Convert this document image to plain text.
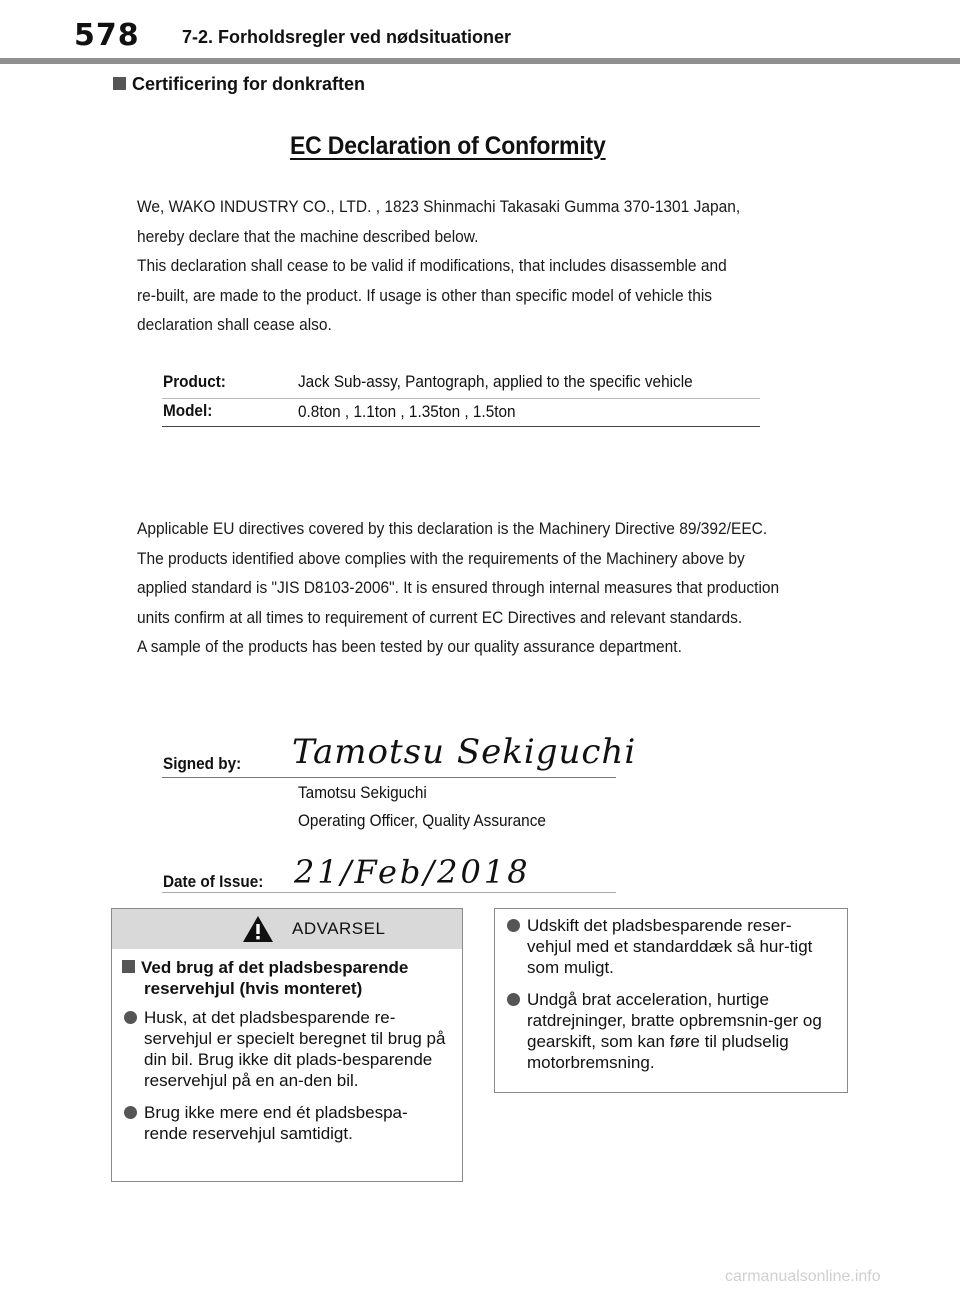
578 7-2. Forholdsregler ved nødsituationer
Certificering for donkraften
EC Declaration of Conformity

We, WAKO INDUSTRY CO., LTD. , 1823 Shinmachi Takasaki Gumma 370-1301 Japan,

hereby declare that the machine described below.

This declaration shall cease to be valid if modifications, that includes disassemble and

re-built, are made to the product. If usage is other than specific model of vehicle this

declaration shall cease also.

Product:	Jack Sub-assy, Pantograph, applied to the specific vehicle
Model:	0.8ton , 1.1ton , 1.35ton , 1.5ton

Applicable EU directives covered by this declaration is the Machinery Directive 89/392/EEC.

The products identified above complies with the requirements of the Machinery above by

applied standard is "JIS D8103-2006". It is ensured through internal measures that production

units confirm at all times to requirement of current EC Directives and relevant standards.

A sample of the products has been tested by our quality assurance department.

Signed by: Tamotsu Sekiguchi
Tamotsu Sekiguchi
Operating Officer, Quality Assurance
Date of Issue: 21/Feb/2018
ADVARSEL
Ved brug af det pladsbesparende reservehjul (hvis monteret)
Husk, at det pladsbesparende re-servehjul er specielt beregnet til brug på din bil. Brug ikke dit plads-besparende reservehjul på en an-den bil.
Brug ikke mere end ét pladsbespa-rende reservehjul samtidigt.
Udskift det pladsbesparende reser-vehjul med et standarddæk så hur-tigt som muligt.
Undgå brat acceleration, hurtige ratdrejninger, bratte opbremsnin-ger og gearskift, som kan føre til pludselig motorbremsning.
carmanualsonline.info
